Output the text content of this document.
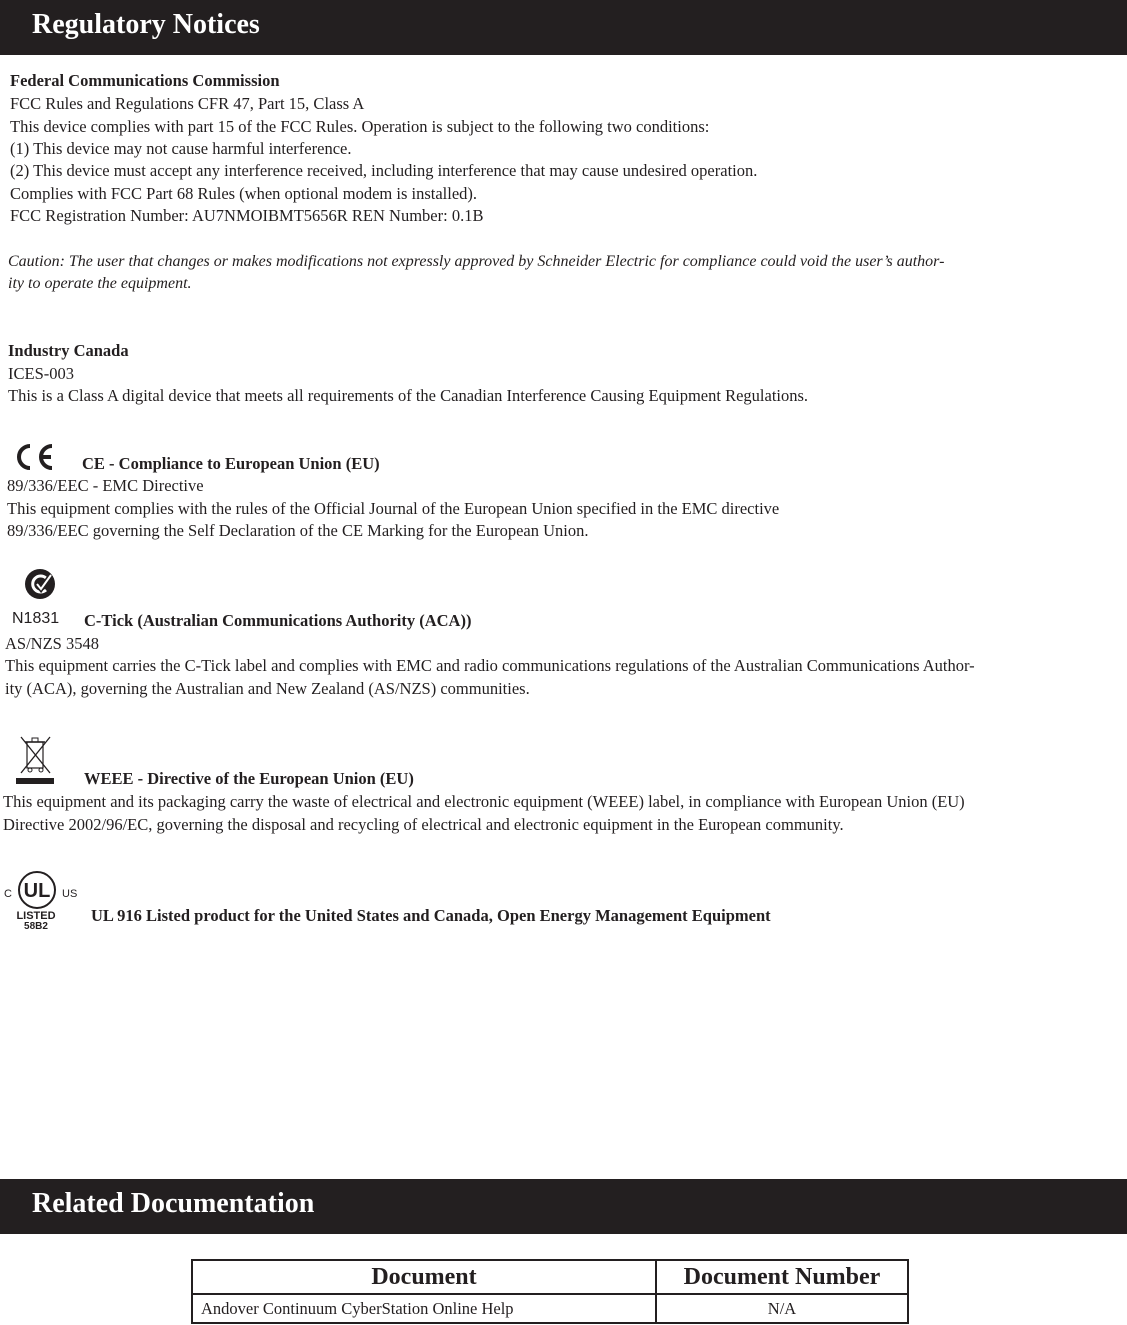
Regulatory Notices
Federal Communications Commission
FCC Rules and Regulations CFR 47, Part 15, Class A
This device complies with part 15 of the FCC Rules. Operation is subject to the following two conditions:
(1) This device may not cause harmful interference.
(2) This device must accept any interference received, including interference that may cause undesired operation.
Complies with FCC Part 68 Rules (when optional modem is installed).
FCC Registration Number: AU7NMOIBMT5656R REN Number: 0.1B
Caution: The user that changes or makes modifications not expressly approved by Schneider Electric for compliance could void the user’s author-
ity to operate the equipment.
Industry Canada
ICES-003
This is a Class A digital device that meets all requirements of the Canadian Interference Causing Equipment Regulations.
CE - Compliance to European Union (EU)
89/336/EEC - EMC Directive
This equipment complies with the rules of the Official Journal of the European Union specified in the EMC directive
89/336/EEC governing the Self Declaration of the CE Marking for the European Union.
N1831 C-Tick (Australian Communications Authority (ACA))
AS/NZS 3548
This equipment carries the C-Tick label and complies with EMC and radio communications regulations of the Australian Communications Author-
ity (ACA), governing the Australian and New Zealand (AS/NZS) communities.
WEEE - Directive of the European Union (EU)
This equipment and its packaging carry the waste of electrical and electronic equipment (WEEE) label, in compliance with European Union (EU)
Directive 2002/96/EC, governing the disposal and recycling of electrical and electronic equipment in the European community.
UL
C	US
LISTED
58B2
UL 916 Listed product for the United States and Canada, Open Energy Management Equipment
Related Documentation
Document	Document Number
Andover Continuum CyberStation Online Help	N/A
